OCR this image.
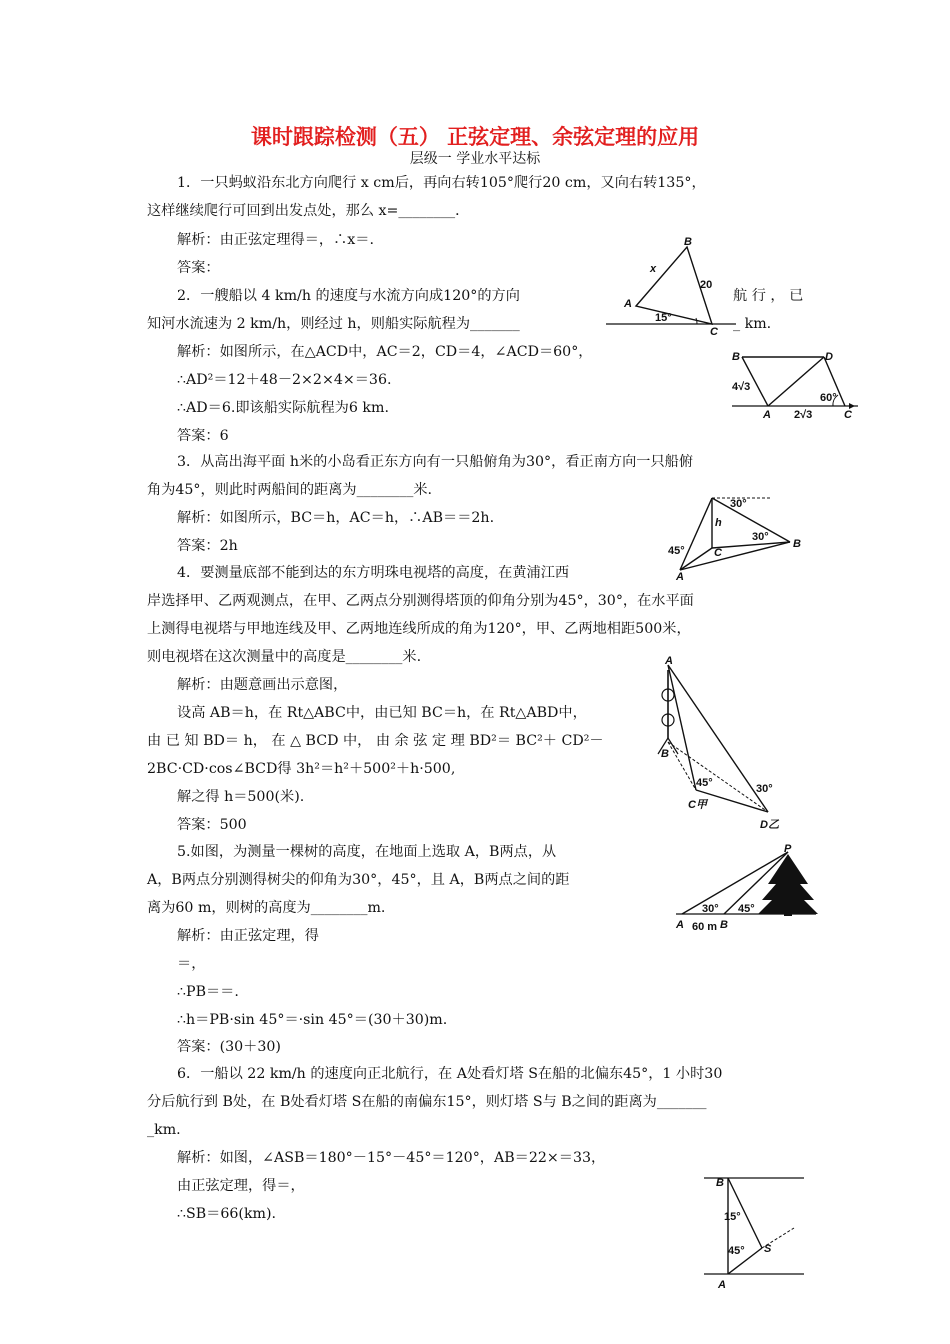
课时跟踪检测（五） 正弦定理、余弦定理的应用
层级一 学业水平达标
1．一只蚂蚁沿东北方向爬行 x cm后，再向右转105°爬行20 cm，又向右转135°，
这样继续爬行可回到出发点处，那么 x=________．
解析：由正弦定理得＝，∴x＝.
答案：
2．一艘船以 4 km/h 的速度与水流方向成120°的方向	航 行 ， 已
知河水流速为 2 km/h，则经过 h，则船实际航程为_______	_ km.
解析：如图所示，在△ACD中，AC＝2，CD＝4，∠ACD＝60°，
∴AD²＝12＋48－2×2×4×＝36.
∴AD＝6.即该船实际航程为6 km.
答案：6
3．从高出海平面 h米的小岛看正东方向有一只船俯角为30°，看正南方向一只船俯
角为45°，则此时两船间的距离为________米.
解析：如图所示，BC＝h，AC＝h，∴AB＝＝2h.
答案：2h
4．要测量底部不能到达的东方明珠电视塔的高度，在黄浦江西
岸选择甲、乙两观测点，在甲、乙两点分别测得塔顶的仰角分别为45°，30°，在水平面
上测得电视塔与甲地连线及甲、乙两地连线所成的角为120°，甲、乙两地相距500米，
则电视塔在这次测量中的高度是________米.
解析：由题意画出示意图，
设高 AB＝h，在 Rt△ABC中，由已知 BC＝h，在 Rt△ABD中，
由 已 知 BD＝ h， 在 △ BCD 中， 由 余 弦 定 理 BD²＝ BC²＋ CD²－
2BC·CD·cos∠BCD得 3h²＝h²＋500²＋h·500,
解之得 h＝500(米).
答案：500
5.如图，为测量一棵树的高度，在地面上选取 A，B两点，从
A，B两点分别测得树尖的仰角为30°，45°，且 A，B两点之间的距
离为60 m，则树的高度为________m.
解析：由正弦定理，得
＝，
∴PB＝＝.
∴h＝PB·sin 45°＝·sin 45°＝(30＋30)m.
答案：(30＋30)
6．一船以 22 km/h 的速度向正北航行，在 A处看灯塔 S在船的北偏东45°，1 小时30
分后航行到 B处，在 B处看灯塔 S在船的南偏东15°，则灯塔 S与 B之间的距离为_______
_km.
解析：如图，∠ASB＝180°－15°－45°＝120°，AB＝22×＝33，
由正弦定理，得＝，
∴SB＝66(km).
A
B
C
x
20
15°
B	D
A	C
4√3
2√3
60°
30°
h
30°
45°	C
B
A
A
B
C甲
D乙
45°	30°
P
30° 45°
A	B
60 m
B
A
S
15°
45°
